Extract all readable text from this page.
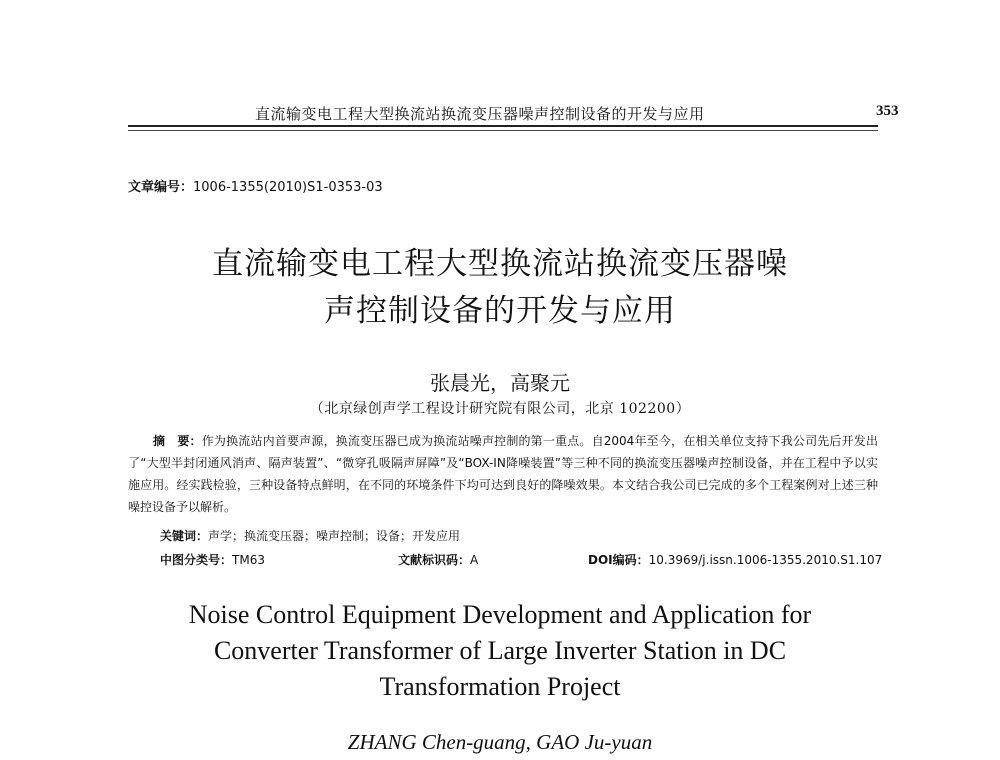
直流输变电工程大型换流站换流变压器噪声控制设备的开发与应用	353
文章编号：1006-1355(2010)S1-0353-03
直流输变电工程大型换流站换流变压器噪
声控制设备的开发与应用
张晨光，高聚元
（北京绿创声学工程设计研究院有限公司，北京 102200）
摘　要：作为换流站内首要声源，换流变压器已成为换流站噪声控制的第一重点。自2004年至今，在相关单位支持下我公司先后开发出了“大型半封闭通风消声、隔声装置”、“微穿孔吸隔声屏障”及“BOX-IN降噪装置”等三种不同的换流变压器噪声控制设备，并在工程中予以实施应用。经实践检验，三种设备特点鲜明，在不同的环境条件下均可达到良好的降噪效果。本文结合我公司已完成的多个工程案例对上述三种噪控设备予以解析。
关键词：声学；换流变压器；噪声控制；设备；开发应用
中图分类号：TM63	文献标识码：A	DOI编码：10.3969/j.issn.1006-1355.2010.S1.107
Noise Control Equipment Development and Application for
Converter Transformer of Large Inverter Station in DC
Transformation Project
ZHANG Chen-guang, GAO Ju-yuan
